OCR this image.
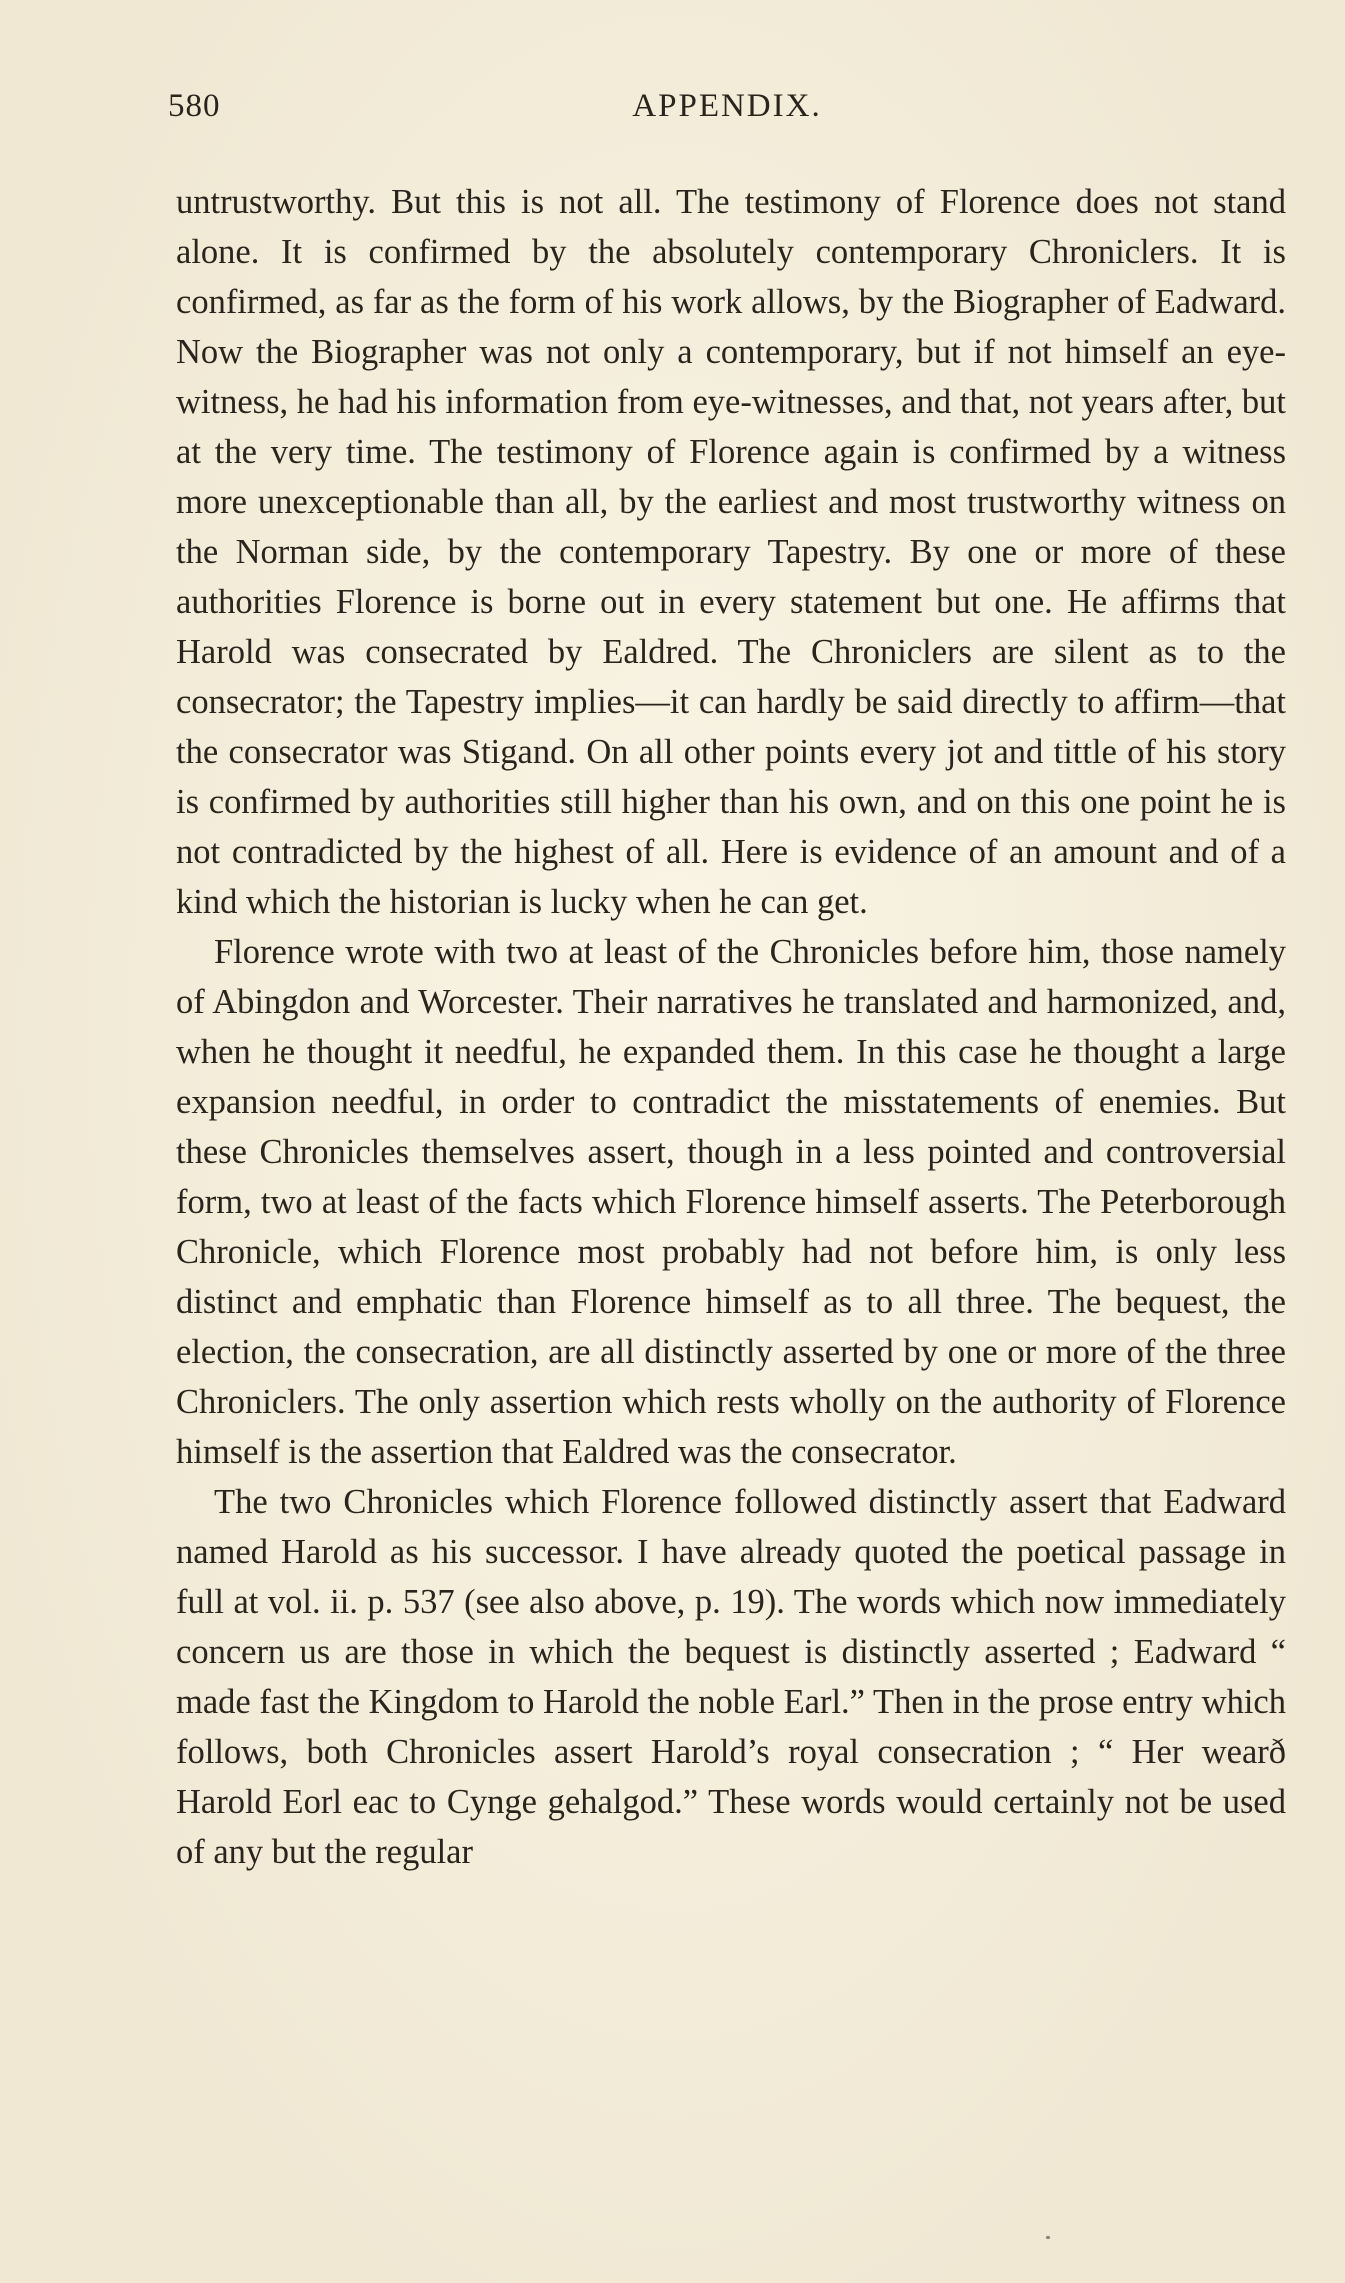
580	APPENDIX.

untrustworthy. But this is not all. The testimony of Florence does not stand alone. It is confirmed by the absolutely contemporary Chroniclers. It is confirmed, as far as the form of his work allows, by the Biographer of Eadward. Now the Biographer was not only a contemporary, but if not himself an eye-witness, he had his information from eye-witnesses, and that, not years after, but at the very time. The testimony of Florence again is confirmed by a witness more unexceptionable than all, by the earliest and most trustworthy witness on the Norman side, by the contemporary Tapestry. By one or more of these authorities Florence is borne out in every statement but one. He affirms that Harold was consecrated by Ealdred. The Chroniclers are silent as to the consecrator; the Tapestry implies—it can hardly be said directly to affirm—that the consecrator was Stigand. On all other points every jot and tittle of his story is confirmed by authorities still higher than his own, and on this one point he is not contradicted by the highest of all. Here is evidence of an amount and of a kind which the historian is lucky when he can get.

Florence wrote with two at least of the Chronicles before him, those namely of Abingdon and Worcester. Their narratives he translated and harmonized, and, when he thought it needful, he expanded them. In this case he thought a large expansion needful, in order to contradict the misstatements of enemies. But these Chronicles themselves assert, though in a less pointed and controversial form, two at least of the facts which Florence himself asserts. The Peterborough Chronicle, which Florence most probably had not before him, is only less distinct and emphatic than Florence himself as to all three. The bequest, the election, the consecration, are all distinctly asserted by one or more of the three Chroniclers. The only assertion which rests wholly on the authority of Florence himself is the assertion that Ealdred was the consecrator.

The two Chronicles which Florence followed distinctly assert that Eadward named Harold as his successor. I have already quoted the poetical passage in full at vol. ii. p. 537 (see also above, p. 19). The words which now immediately concern us are those in which the bequest is distinctly asserted ; Eadward “ made fast the Kingdom to Harold the noble Earl.” Then in the prose entry which follows, both Chronicles assert Harold’s royal consecration ; “ Her wearð Harold Eorl eac to Cynge gehalgod.” These words would certainly not be used of any but the regular
